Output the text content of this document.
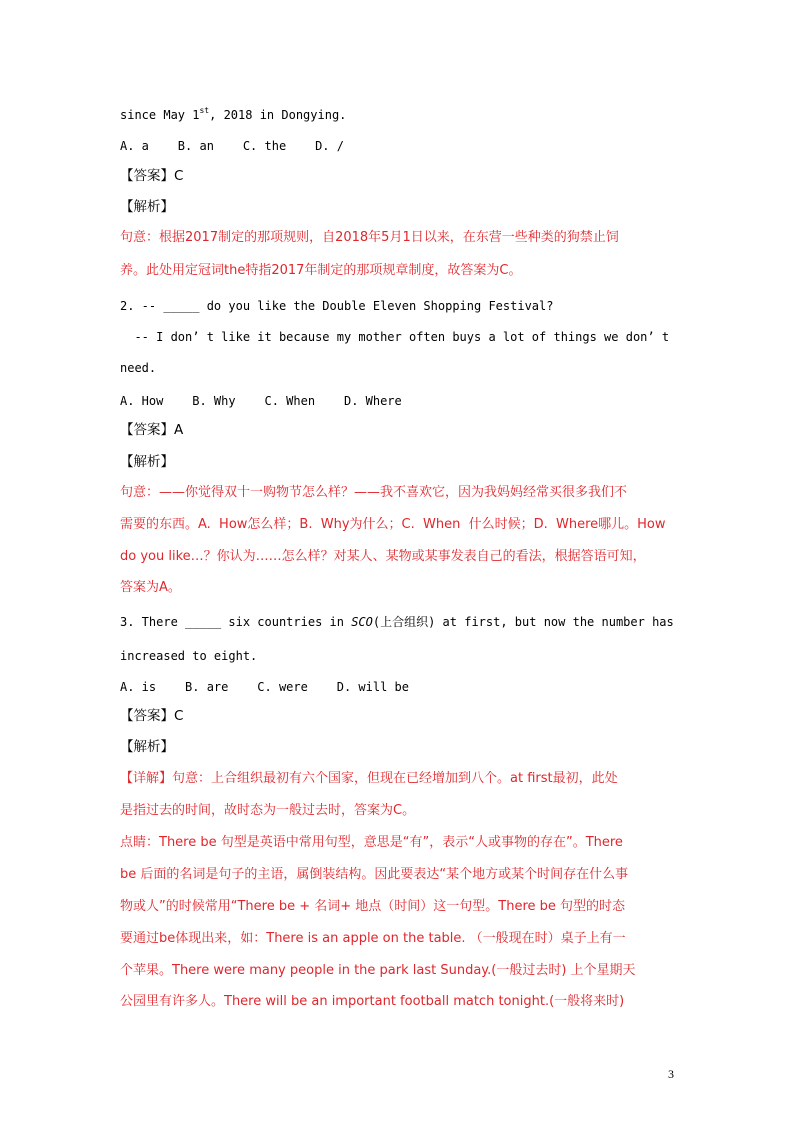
since May 1st, 2018 in Dongying.
A. a    B. an    C. the    D. /
【答案】C
【解析】
句意：根据2017制定的那项规则，自2018年5月1日以来，在东营一些种类的狗禁止饲
养。此处用定冠词the特指2017年制定的那项规章制度，故答案为C。
2. -- _____ do you like the Double Eleven Shopping Festival?
-- I don’ t like it because my mother often buys a lot of things we don’ t
need.
A. How    B. Why    C. When    D. Where
【答案】A
【解析】
句意：——你觉得双十一购物节怎么样？——我不喜欢它，因为我妈妈经常买很多我们不
需要的东西。A.  How怎么样；B.  Why为什么；C.  When  什么时候；D.  Where哪儿。How
do you like…？你认为……怎么样？对某人、某物或某事发表自己的看法，根据答语可知，
答案为A。
3. There _____ six countries in SCO(上合组织) at first, but now the number has
increased to eight.
A. is    B. are    C. were    D. will be
【答案】C
【解析】
【详解】句意：上合组织最初有六个国家，但现在已经增加到八个。at first最初，此处
是指过去的时间，故时态为一般过去时，答案为C。
点睛：There be 句型是英语中常用句型，意思是“有”，表示“人或事物的存在”。There
be 后面的名词是句子的主语，属倒装结构。因此要表达“某个地方或某个时间存在什么事
物或人”的时候常用“There be + 名词+ 地点（时间）这一句型。There be 句型的时态
要通过be体现出来，如：There is an apple on the table. （一般现在时）桌子上有一
个苹果。There were many people in the park last Sunday.(一般过去时) 上个星期天
公园里有许多人。There will be an important football match tonight.(一般将来时)
3
